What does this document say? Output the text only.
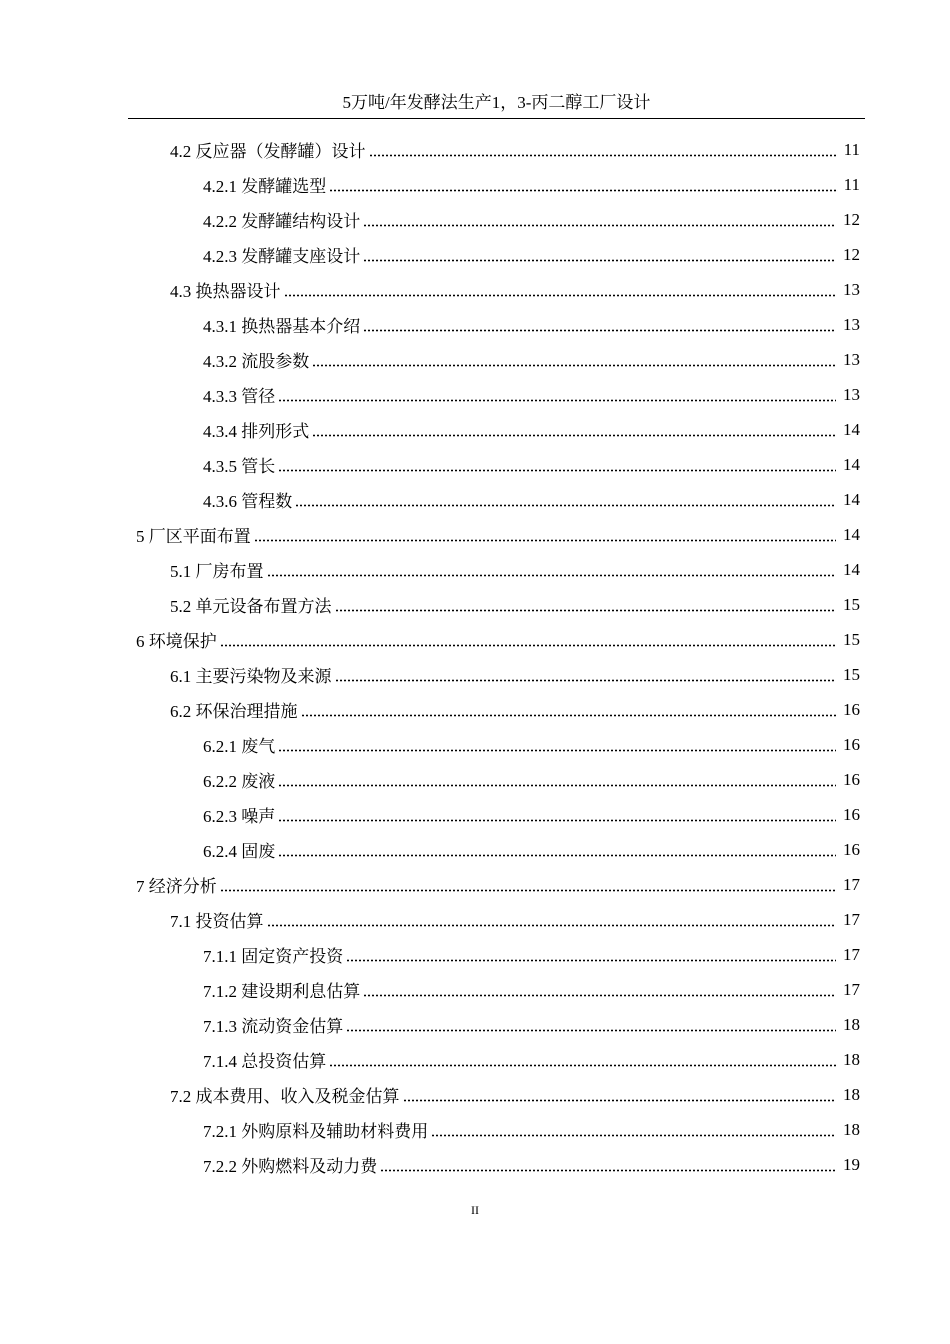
5万吨/年发酵法生产1，3-丙二醇工厂设计
4.2 反应器（发酵罐）设计	11
4.2.1 发酵罐选型	11
4.2.2 发酵罐结构设计	12
4.2.3 发酵罐支座设计	12
4.3 换热器设计	13
4.3.1 换热器基本介绍	13
4.3.2 流股参数	13
4.3.3 管径	13
4.3.4 排列形式	14
4.3.5 管长	14
4.3.6 管程数	14
5 厂区平面布置	14
5.1 厂房布置	14
5.2 单元设备布置方法	15
6 环境保护	15
6.1 主要污染物及来源	15
6.2 环保治理措施	16
6.2.1 废气	16
6.2.2 废液	16
6.2.3 噪声	16
6.2.4 固废	16
7 经济分析	17
7.1 投资估算	17
7.1.1 固定资产投资	17
7.1.2 建设期利息估算	17
7.1.3 流动资金估算	18
7.1.4 总投资估算	18
7.2 成本费用、收入及税金估算	18
7.2.1 外购原料及辅助材料费用	18
7.2.2 外购燃料及动力费	19
II
